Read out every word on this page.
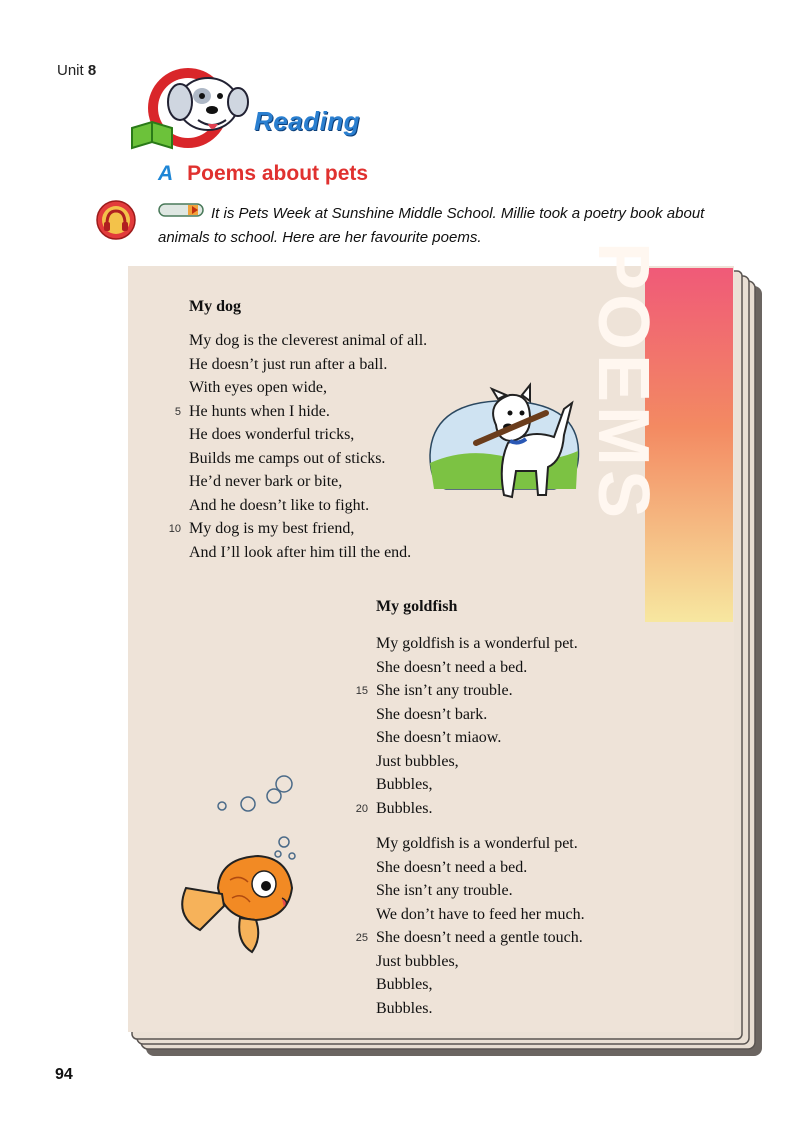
Unit 8
Reading
A Poems about pets
It is Pets Week at Sunshine Middle School. Millie took a poetry book about animals to school. Here are her favourite poems.
POEMS
My dog
My dog is the cleverest animal of all.
He doesn’t just run after a ball.
With eyes open wide,
5 He hunts when I hide.
He does wonderful tricks,
Builds me camps out of sticks.
He’d never bark or bite,
And he doesn’t like to fight.
10 My dog is my best friend,
And I’ll look after him till the end.
My goldfish
My goldfish is a wonderful pet.
She doesn’t need a bed.
15 She isn’t any trouble.
She doesn’t bark.
She doesn’t miaow.
Just bubbles,
Bubbles,
20 Bubbles.
My goldfish is a wonderful pet.
She doesn’t need a bed.
She isn’t any trouble.
We don’t have to feed her much.
25 She doesn’t need a gentle touch.
Just bubbles,
Bubbles,
Bubbles.
94
